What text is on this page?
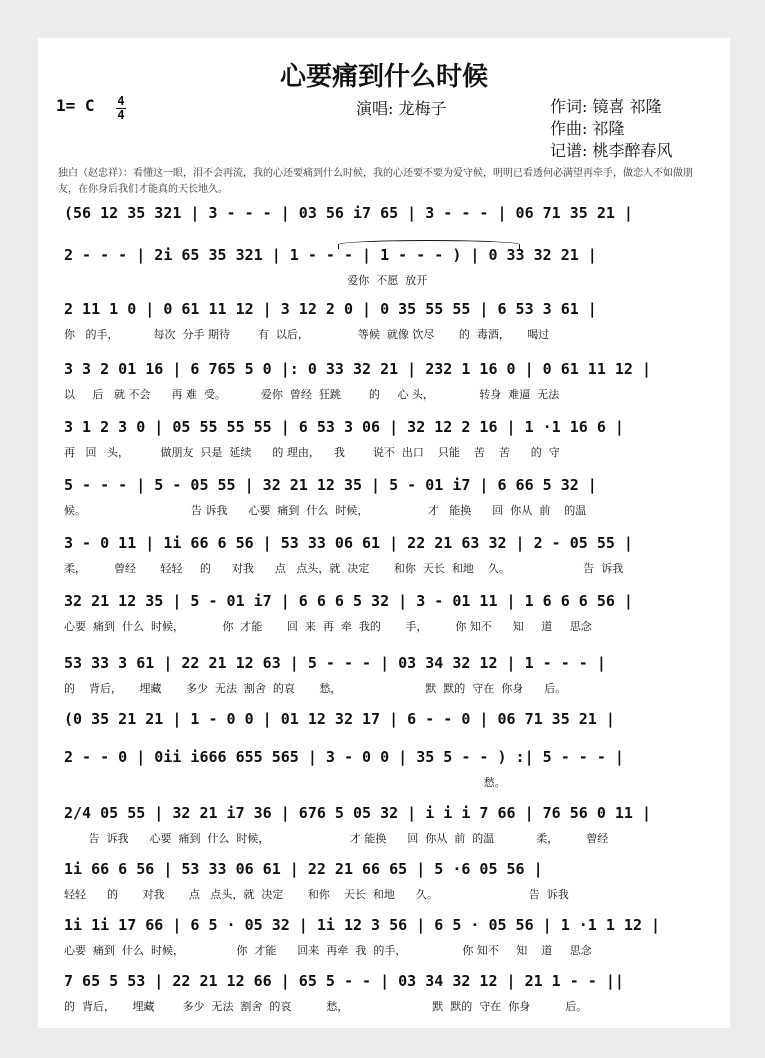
心要痛到什么时候
1= C 4
4	演唱: 龙梅子	作词: 镜喜 祁隆
作曲: 祁隆
记谱: 桃李醉春风
独白（赵忠祥）：看懂这一眼，泪不会再流，我的心还要痛到什么时候，我的心还要不要为爱守候，明明已看透何必满望再牵手，做恋人不如做朋友，在你身后我们才能真的天长地久。
(56 12 35 321 | 3 - - - | 03 56 i7 65 | 3 - - - | 06 71 35 21 |
2 - - - | 2i 65 35 321 | 1 - - - | 1 - - - ) | 0 33 32 21 |
爱你  不愿  放开
2 11 1 0 | 0 61 11 12 | 3 12 2 0 | 0 35 55 55 | 6 53 3 61 |
你   的手，          每次  分手 期待        有  以后，              等候  就像 饮尽       的  毒酒，     喝过
3 3 2 01 16 | 6 765 5 0 |: 0 33 32 21 | 232 1 16 0 | 0 61 11 12 |
以     后   就 不会      再 难  受。          爱你  曾经  狂跳        的     心 头，             转身  难逼  无法
3 1 2 3 0 | 05 55 55 55 | 6 53 3 06 | 32 12 2 16 | 1 ·1 16 6 |
再   回   头，         做朋友  只是  延续      的 理由，    我        说不  出口    只能    苦    苦      的  守
5 - - - | 5 - 05 55 | 32 21 12 35 | 5 - 01 i7 | 6 66 5 32 |
候。                              告 诉我      心要  痛到  什么  时候，                 才   能换      回  你从  前    的温
3 - 0 11 | 1i 66 6 56 | 53 33 06 61 | 22 21 63 32 | 2 - 05 55 |
柔，        曾经       轻轻     的      对我      点   点头，就  决定       和你  天长  和地    久。                     告  诉我
32 21 12 35 | 5 - 01 i7 | 6 6 6 5 32 | 3 - 01 11 | 1 6 6 6 56 |
心要  痛到  什么  时候，           你  才能       回  来  再  牵  我的       手，        你 知不      知     道     思念
53 33 3 61 | 22 21 12 63 | 5 - - - | 03 34 32 12 | 1 - - - |
的    背后，     埋藏       多少  无法  割舍  的哀       愁，                        默  默的  守在  你身      后。
(0 35 21 21 | 1 - 0 0 | 01 12 32 17 | 6 - - 0 | 06 71 35 21 |
2 - - 0 | 0ii i666 655 565 | 3 - 0 0 | 35 5 - - ) :| 5 - - - |
愁。
2/4 05 55 | 32 21 i7 36 | 676 5 05 32 | i i i 7 66 | 76 56 0 11 |
告  诉我      心要  痛到  什么  时候，                       才 能换      回  你从  前  的温            柔，        曾经
1i 66 6 56 | 53 33 06 61 | 22 21 66 65 | 5 ·6 05 56 |
轻轻      的       对我       点   点头，就  决定       和你    天长  和地      久。                          告  诉我
1i 1i 17 66 | 6 5 · 05 32 | 1i 12 3 56 | 6 5 · 05 56 | 1 ·1 1 12 |
心要  痛到  什么  时候，               你  才能      回来  再牵  我  的手，                你 知不     知    道     思念
7 65 5 53 | 22 21 12 66 | 65 5 - - | 03 34 32 12 | 21 1 - - ||
的  背后，     埋藏        多少  无法  割舍  的哀          愁，                        默  默的  守在  你身          后。
